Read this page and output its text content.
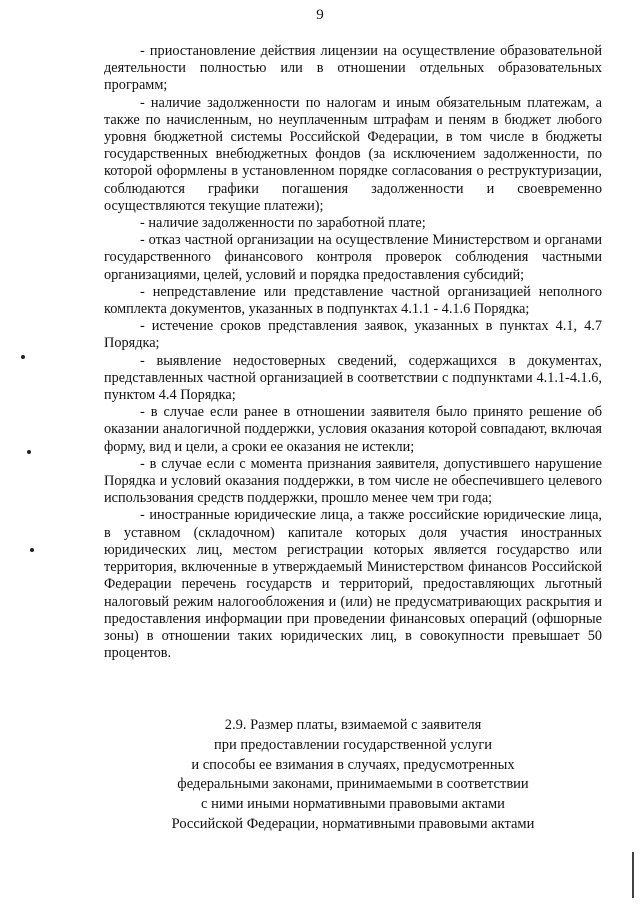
9

- приостановление действия лицензии на осуществление образовательной деятельности полностью или в отношении отдельных образовательных программ;

- наличие задолженности по налогам и иным обязательным платежам, а также по начисленным, но неуплаченным штрафам и пеням в бюджет любого уровня бюджетной системы Российской Федерации, в том числе в бюджеты государственных внебюджетных фондов (за исключением задолженности, по которой оформлены в установленном порядке согласования о реструктуризации, соблюдаются графики погашения задолженности и своевременно осуществляются текущие платежи);

- наличие задолженности по заработной плате;

- отказ частной организации на осуществление Министерством и органами государственного финансового контроля проверок соблюдения частными организациями, целей, условий и порядка предоставления субсидий;

- непредставление или представление частной организацией неполного комплекта документов, указанных в подпунктах 4.1.1 - 4.1.6 Порядка;

- истечение сроков представления заявок, указанных в пунктах 4.1, 4.7 Порядка;

- выявление недостоверных сведений, содержащихся в документах, представленных частной организацией в соответствии с подпунктами 4.1.1-4.1.6, пунктом 4.4 Порядка;

- в случае если ранее в отношении заявителя было принято решение об оказании аналогичной поддержки, условия оказания которой совпадают, включая форму, вид и цели, а сроки ее оказания не истекли;

- в случае если с момента признания заявителя, допустившего нарушение Порядка и условий оказания поддержки, в том числе не обеспечившего целевого использования средств поддержки, прошло менее чем три года;

- иностранные юридические лица, а также российские юридические лица, в уставном (складочном) капитале которых доля участия иностранных юридических лиц, местом регистрации которых является государство или территория, включенные в утверждаемый Министерством финансов Российской Федерации перечень государств и территорий, предоставляющих льготный налоговый режим налогообложения и (или) не предусматривающих раскрытия и предоставления информации при проведении финансовых операций (офшорные зоны) в отношении таких юридических лиц, в совокупности превышает 50 процентов.

2.9. Размер платы, взимаемой с заявителя
при предоставлении государственной услуги
и способы ее взимания в случаях, предусмотренных
федеральными законами, принимаемыми в соответствии
с ними иными нормативными правовыми актами
Российской Федерации, нормативными правовыми актами
